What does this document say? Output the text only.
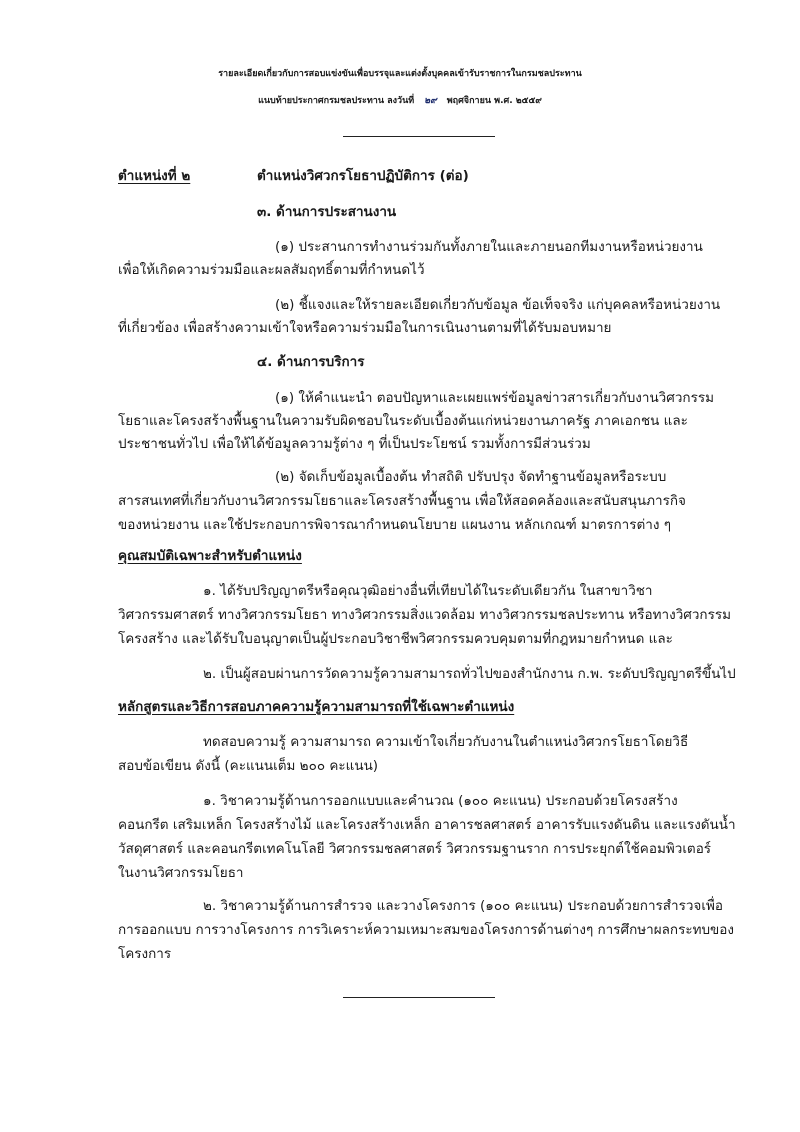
รายละเอียดเกี่ยวกับการสอบแข่งขันเพื่อบรรจุและแต่งตั้งบุคคลเข้ารับราชการในกรมชลประทาน
แนบท้ายประกาศกรมชลประทาน ลงวันที่ ๒๙ พฤศจิกายน พ.ศ. ๒๕๕๙
ตำแหน่งที่ ๒	ตำแหน่งวิศวกรโยธาปฏิบัติการ (ต่อ)
๓. ด้านการประสานงาน
(๑) ประสานการทำงานร่วมกันทั้งภายในและภายนอกทีมงานหรือหน่วยงาน
เพื่อให้เกิดความร่วมมือและผลสัมฤทธิ์ตามที่กำหนดไว้
(๒) ชี้แจงและให้รายละเอียดเกี่ยวกับข้อมูล ข้อเท็จจริง แก่บุคคลหรือหน่วยงาน
ที่เกี่ยวข้อง เพื่อสร้างความเข้าใจหรือความร่วมมือในการเนินงานตามที่ได้รับมอบหมาย
๔. ด้านการบริการ
(๑) ให้คำแนะนำ ตอบปัญหาและเผยแพร่ข้อมูลข่าวสารเกี่ยวกับงานวิศวกรรม
โยธาและโครงสร้างพื้นฐานในความรับผิดชอบในระดับเบื้องต้นแก่หน่วยงานภาครัฐ ภาคเอกชน และ
ประชาชนทั่วไป เพื่อให้ได้ข้อมูลความรู้ต่าง ๆ ที่เป็นประโยชน์ รวมทั้งการมีส่วนร่วม
(๒) จัดเก็บข้อมูลเบื้องต้น ทำสถิติ ปรับปรุง จัดทำฐานข้อมูลหรือระบบ
สารสนเทศที่เกี่ยวกับงานวิศวกรรมโยธาและโครงสร้างพื้นฐาน เพื่อให้สอดคล้องและสนับสนุนภารกิจ
ของหน่วยงาน และใช้ประกอบการพิจารณากำหนดนโยบาย แผนงาน หลักเกณฑ์ มาตรการต่าง ๆ
คุณสมบัติเฉพาะสำหรับตำแหน่ง
๑. ได้รับปริญญาตรีหรือคุณวุฒิอย่างอื่นที่เทียบได้ในระดับเดียวกัน ในสาขาวิชา
วิศวกรรมศาสตร์ ทางวิศวกรรมโยธา ทางวิศวกรรมสิ่งแวดล้อม ทางวิศวกรรมชลประทาน หรือทางวิศวกรรม
โครงสร้าง และได้รับใบอนุญาตเป็นผู้ประกอบวิชาชีพวิศวกรรมควบคุมตามที่กฎหมายกำหนด และ
๒. เป็นผู้สอบผ่านการวัดความรู้ความสามารถทั่วไปของสำนักงาน ก.พ. ระดับปริญญาตรีขึ้นไป
หลักสูตรและวิธีการสอบภาคความรู้ความสามารถที่ใช้เฉพาะตำแหน่ง
ทดสอบความรู้ ความสามารถ ความเข้าใจเกี่ยวกับงานในตำแหน่งวิศวกรโยธาโดยวิธี
สอบข้อเขียน ดังนี้ (คะแนนเต็ม ๒๐๐ คะแนน)
๑. วิชาความรู้ด้านการออกแบบและคำนวณ (๑๐๐ คะแนน) ประกอบด้วยโครงสร้าง
คอนกรีต เสริมเหล็ก โครงสร้างไม้ และโครงสร้างเหล็ก อาคารชลศาสตร์ อาคารรับแรงดันดิน และแรงดันน้ำ
วัสดุศาสตร์ และคอนกรีตเทคโนโลยี วิศวกรรมชลศาสตร์ วิศวกรรมฐานราก การประยุกต์ใช้คอมพิวเตอร์
ในงานวิศวกรรมโยธา
๒. วิชาความรู้ด้านการสำรวจ และวางโครงการ (๑๐๐ คะแนน) ประกอบด้วยการสำรวจเพื่อ
การออกแบบ การวางโครงการ การวิเคราะห์ความเหมาะสมของโครงการด้านต่างๆ การศึกษาผลกระทบของ
โครงการ
